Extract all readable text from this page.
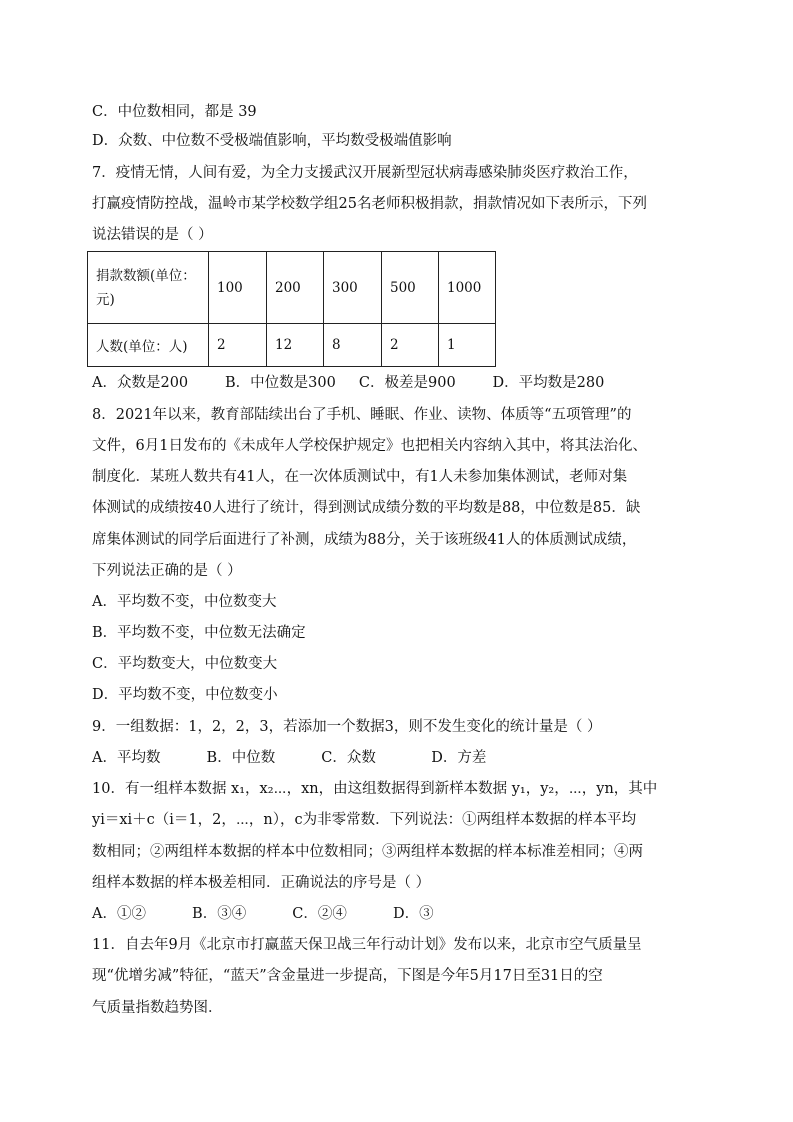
C．中位数相同，都是 39
D．众数、中位数不受极端值影响，平均数受极端值影响
7．疫情无情，人间有爱，为全力支援武汉开展新型冠状病毒感染肺炎医疗救治工作，
打赢疫情防控战，温岭市某学校数学组25名老师积极捐款，捐款情况如下表所示，下列
说法错误的是（ ）
捐款数额(单位：元)	100	200	300	500	1000
人数(单位：人)	2	12	8	2	1
A．众数是200        B．中位数是300     C．极差是900        D．平均数是280
8．2021年以来，教育部陆续出台了手机、睡眠、作业、读物、体质等“五项管理”的
文件，6月1日发布的《未成年人学校保护规定》也把相关内容纳入其中，将其法治化、
制度化．某班人数共有41人，在一次体质测试中，有1人未参加集体测试，老师对集
体测试的成绩按40人进行了统计，得到测试成绩分数的平均数是88，中位数是85．缺
席集体测试的同学后面进行了补测，成绩为88分，关于该班级41人的体质测试成绩，
下列说法正确的是（ ）
A．平均数不变，中位数变大
B．平均数不变，中位数无法确定
C．平均数变大，中位数变大
D．平均数不变，中位数变小
9．一组数据：1，2，2，3，若添加一个数据3，则不发生变化的统计量是（ ）
A．平均数          B．中位数          C．众数            D．方差
10．有一组样本数据 x₁，x₂⋯，xn，由这组数据得到新样本数据 y₁，y₂，⋯，yn，其中
yi＝xi＋c（i＝1，2，⋯，n），c为非零常数．下列说法：①两组样本数据的样本平均
数相同；②两组样本数据的样本中位数相同；③两组样本数据的样本标准差相同；④两
组样本数据的样本极差相同．正确说法的序号是（ ）
A．①②          B．③④          C．②④          D．③
11．自去年9月《北京市打赢蓝天保卫战三年行动计划》发布以来，北京市空气质量呈
现“优增劣减”特征，“蓝天”含金量进一步提高，下图是今年5月17日至31日的空
气质量指数趋势图．
